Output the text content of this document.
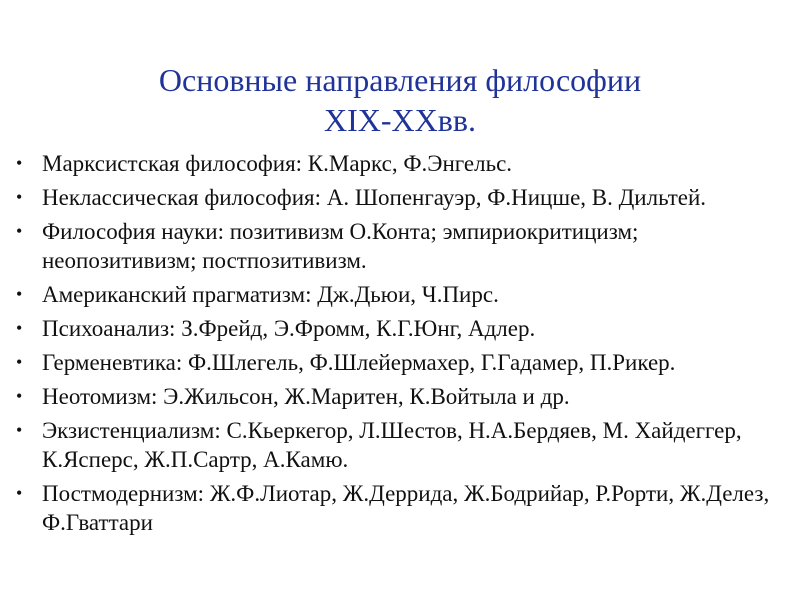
Основные направления философии
XIX-XXвв.
• Марксистская философия: К.Маркс, Ф.Энгельс.
• Неклассическая философия: А. Шопенгауэр, Ф.Ницше, В. Дильтей.
• Философия науки: позитивизм О.Конта; эмпириокритицизм; неопозитивизм; постпозитивизм.
• Американский прагматизм: Дж.Дьюи, Ч.Пирс.
• Психоанализ: З.Фрейд, Э.Фромм, К.Г.Юнг, Адлер.
• Герменевтика: Ф.Шлегель, Ф.Шлейермахер, Г.Гадамер, П.Рикер.
• Неотомизм: Э.Жильсон, Ж.Маритен, К.Войтыла и др.
• Экзистенциализм: С.Кьеркегор, Л.Шестов, Н.А.Бердяев, М. Хайдеггер, К.Ясперс, Ж.П.Сартр, А.Камю.
• Постмодернизм: Ж.Ф.Лиотар, Ж.Деррида, Ж.Бодрийар, Р.Рорти, Ж.Делез, Ф.Гваттари
